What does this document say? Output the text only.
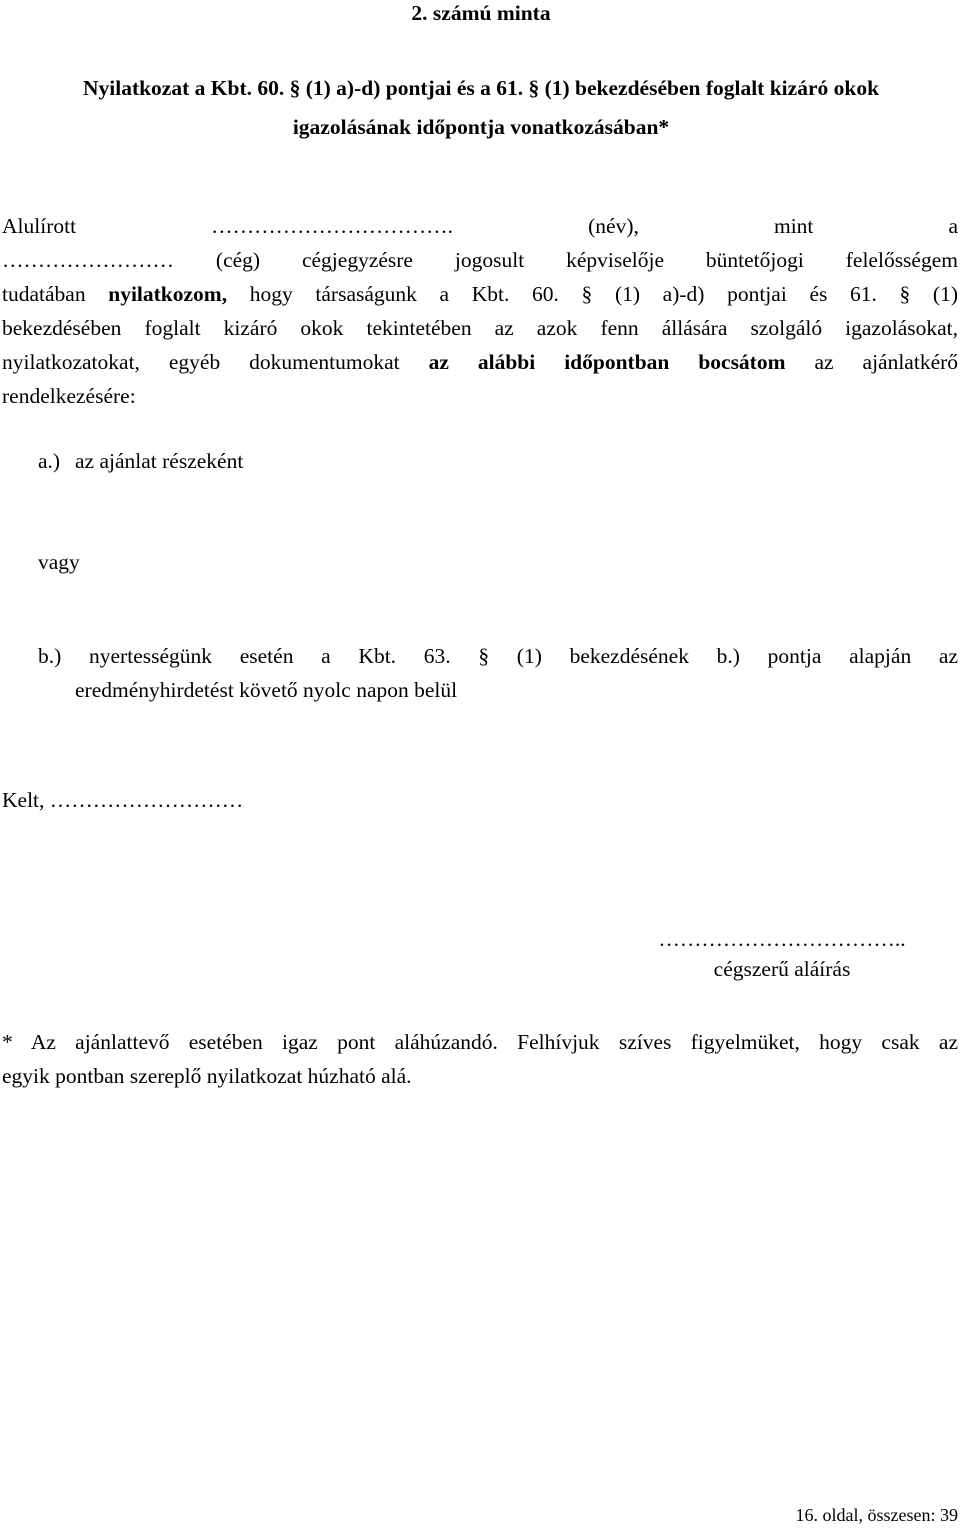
2. számú minta
Nyilatkozat a Kbt. 60. § (1) a)-d) pontjai és a 61. § (1) bekezdésében foglalt kizáró okok
igazolásának időpontja vonatkozásában*
Alulírott	…………………………….	(név),	mint	a
…………………… (cég) cégjegyzésre jogosult képviselője büntetőjogi felelősségem
tudatában nyilatkozom, hogy társaságunk a Kbt. 60. § (1) a)-d) pontjai és 61. § (1)
bekezdésében foglalt kizáró okok tekintetében az azok fenn állására szolgáló igazolásokat,
nyilatkozatokat, egyéb dokumentumokat az alábbi időpontban bocsátom az ajánlatkérő
rendelkezésére:
a.) az ajánlat részeként
vagy
b.) nyertességünk esetén a Kbt. 63. § (1) bekezdésének b.) pontja alapján az
eredményhirdetést követő nyolc napon belül
Kelt, ………………………
……………………………..
cégszerű aláírás
* Az ajánlattevő esetében igaz pont aláhúzandó. Felhívjuk szíves figyelmüket, hogy csak az
egyik pontban szereplő nyilatkozat húzható alá.
16. oldal, összesen: 39
